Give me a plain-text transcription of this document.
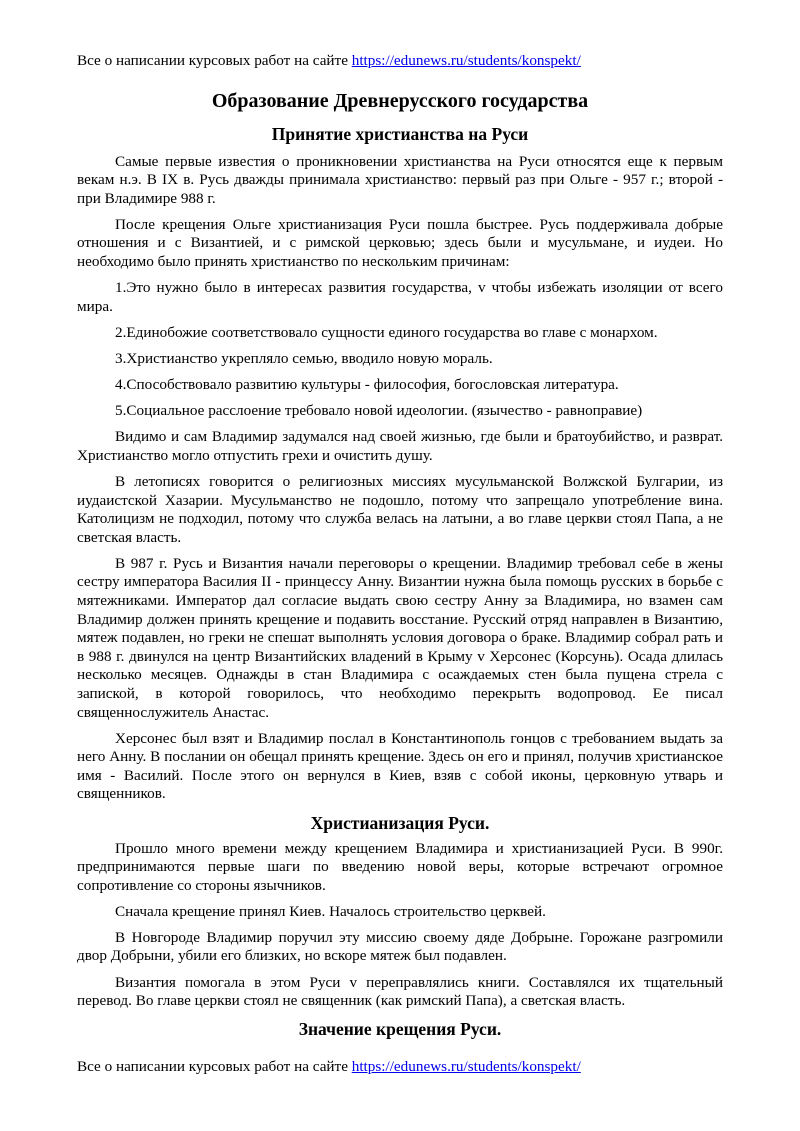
Все о написании курсовых работ на сайте https://edunews.ru/students/konspekt/
Образование Древнерусского государства
Принятие христианства на Руси

Самые первые известия о проникновении христианства на Руси относятся еще к первым векам н.э. В IX в. Русь дважды принимала христианство: первый раз при Ольге - 957 г.; второй - при Владимире 988 г.

После крещения Ольге христианизация Руси пошла быстрее. Русь поддерживала добрые отношения и с Византией, и с римской церковью; здесь были и мусульмане, и иудеи. Но необходимо было принять христианство по нескольким причинам:

1.Это нужно было в интересах развития государства, v чтобы избежать изоляции от всего мира.

2.Единобожие соответствовало сущности единого государства во главе с монархом.

3.Христианство укрепляло семью, вводило новую мораль.

4.Способствовало развитию культуры - философия, богословская литература.

5.Социальное расслоение требовало новой идеологии. (язычество - равноправие)

Видимо и сам Владимир задумался над своей жизнью, где были и братоубийство, и разврат. Христианство могло отпустить грехи и очистить душу.

В летописях говорится о религиозных миссиях мусульманской Волжской Булгарии, из иудаистской Хазарии. Мусульманство не подошло, потому что запрещало употребление вина. Католицизм не подходил, потому что служба велась на латыни, а во главе церкви стоял Папа, а не светская власть.

В 987 г. Русь и Византия начали переговоры о крещении. Владимир требовал себе в жены сестру императора Василия II - принцессу Анну. Византии нужна была помощь русских в борьбе с мятежниками. Император дал согласие выдать свою сестру Анну за Владимира, но взамен сам Владимир должен принять крещение и подавить восстание. Русский отряд направлен в Византию, мятеж подавлен, но греки не спешат выполнять условия договора о браке. Владимир собрал рать и в 988 г. двинулся на центр Византийских владений в Крыму v Херсонес (Корсунь). Осада длилась несколько месяцев. Однажды в стан Владимира с осаждаемых стен была пущена стрела с запиской, в которой говорилось, что необходимо перекрыть водопровод. Ее писал священнослужитель Анастас.

Херсонес был взят и Владимир послал в Константинополь гонцов с требованием выдать за него Анну. В послании он обещал принять крещение. Здесь он его и принял, получив христианское имя - Василий. После этого он вернулся в Киев, взяв с собой иконы, церковную утварь и священников.

Христианизация Руси.

Прошло много времени между крещением Владимира и христианизацией Руси. В 990г. предпринимаются первые шаги по введению новой веры, которые встречают огромное сопротивление со стороны язычников.

Сначала крещение принял Киев. Началось строительство церквей.

В Новгороде Владимир поручил эту миссию своему дяде Добрыне. Горожане разгромили двор Добрыни, убили его близких, но вскоре мятеж был подавлен.

Византия помогала в этом Руси v переправлялись книги. Составлялся их тщательный перевод. Во главе церкви стоял не священник (как римский Папа), а светская власть.

Значение крещения Руси.
Все о написании курсовых работ на сайте https://edunews.ru/students/konspekt/
